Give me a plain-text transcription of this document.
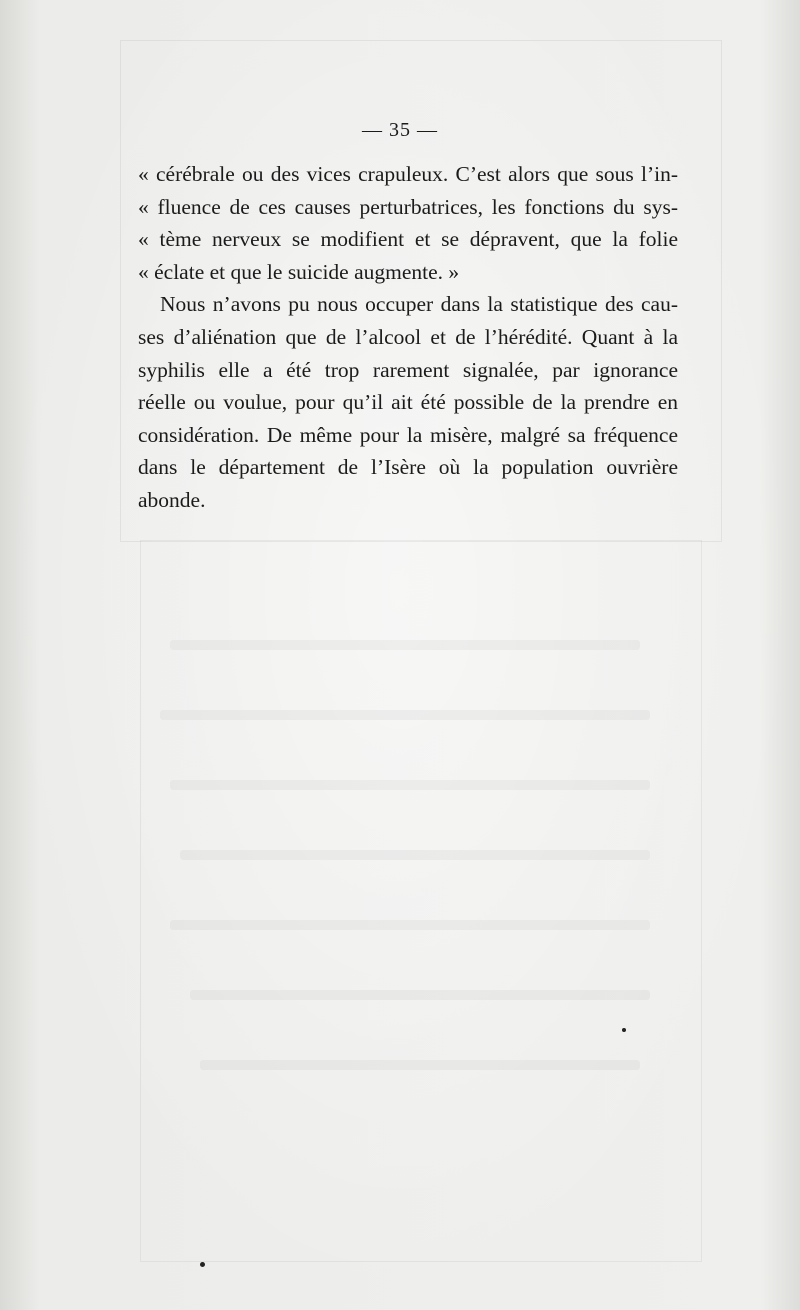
— 35 —
« cérébrale ou des vices crapuleux. C’est alors que sous l’in-
« fluence de ces causes perturbatrices, les fonctions du sys-
« tème nerveux se modifient et se dépravent, que la folie
« éclate et que le suicide augmente. »
Nous n’avons pu nous occuper dans la statistique des cau-
ses d’aliénation que de l’alcool et de l’hérédité. Quant à la
syphilis elle a été trop rarement signalée, par ignorance
réelle ou voulue, pour qu’il ait été possible de la prendre en
considération. De même pour la misère, malgré sa fréquence
dans le département de l’Isère où la population ouvrière
abonde.
